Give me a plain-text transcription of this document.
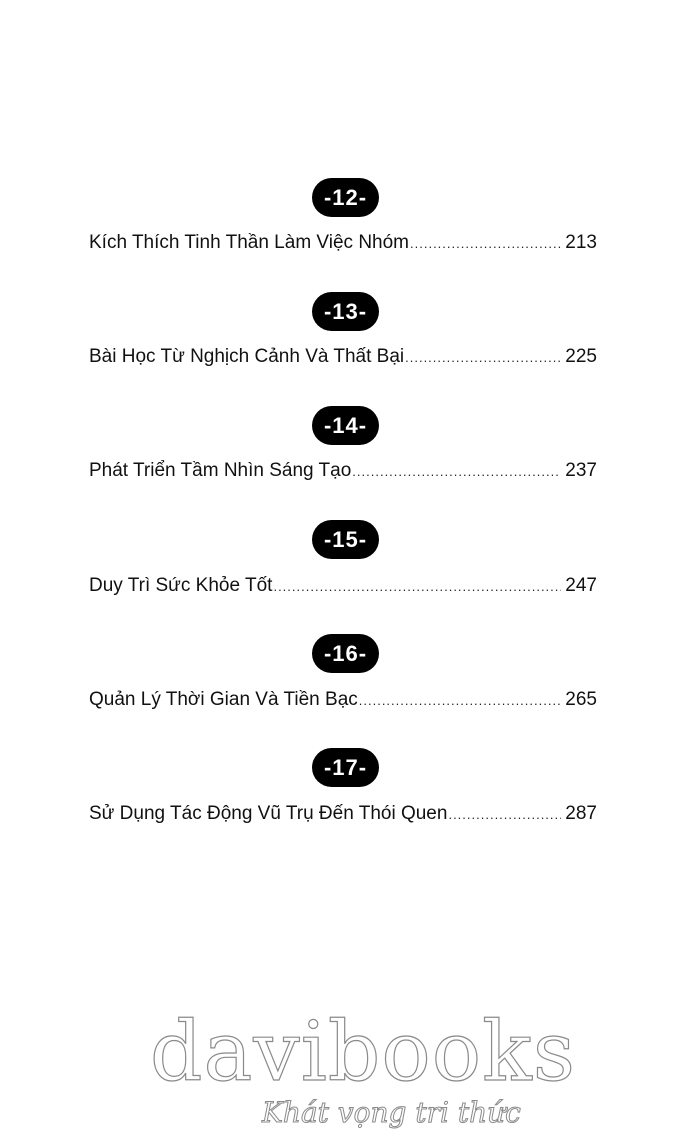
-12-
Kích Thích Tinh Thần Làm Việc Nhóm .....	213
-13-
Bài Học Từ Nghịch Cảnh Và Thất Bại .....	225
-14-
Phát Triển Tầm Nhìn Sáng Tạo .....	237
-15-
Duy Trì Sức Khỏe Tốt .....	247
-16-
Quản Lý Thời Gian Và Tiền Bạc .....	265
-17-
Sử Dụng Tác Động Vũ Trụ Đến Thói Quen .....	287
davibooks
Khát vọng tri thức
